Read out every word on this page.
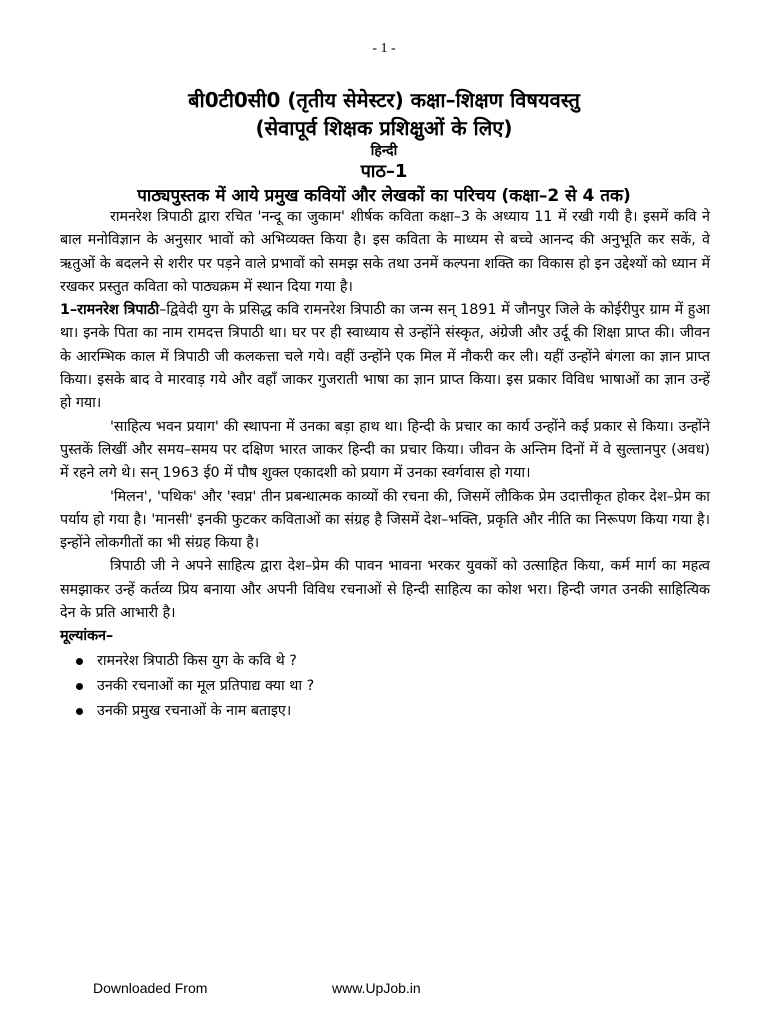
- 1 -
बी0टी0सी0 (तृतीय सेमेस्टर) कक्षा–शिक्षण विषयवस्तु
(सेवापूर्व शिक्षक प्रशिक्षुओं के लिए)
हिन्दी
पाठ–1
पाठ्यपुस्तक में आये प्रमुख कवियों और लेखकों का परिचय (कक्षा–2 से 4 तक)

रामनरेश त्रिपाठी द्वारा रचित 'नन्दू का जुकाम' शीर्षक कविता कक्षा–3 के अध्याय 11 में रखी गयी है। इसमें कवि ने बाल मनोविज्ञान के अनुसार भावों को अभिव्यक्त किया है। इस कविता के माध्यम से बच्चे आनन्द की अनुभूति कर सकें, वे ऋतुओं के बदलने से शरीर पर पड़ने वाले प्रभावों को समझ सके तथा उनमें कल्पना शक्ति का विकास हो इन उद्देश्यों को ध्यान में रखकर प्रस्तुत कविता को पाठ्यक्रम में स्थान दिया गया है।

1–रामनरेश त्रिपाठी–द्विवेदी युग के प्रसिद्ध कवि रामनरेश त्रिपाठी का जन्म सन् 1891 में जौनपुर जिले के कोईरीपुर ग्राम में हुआ था। इनके पिता का नाम रामदत्त त्रिपाठी था। घर पर ही स्वाध्याय से उन्होंने संस्कृत, अंग्रेजी और उर्दू की शिक्षा प्राप्त की। जीवन के आरम्भिक काल में त्रिपाठी जी कलकत्ता चले गये। वहीं उन्होंने एक मिल में नौकरी कर ली। यहीं उन्होंने बंगला का ज्ञान प्राप्त किया। इसके बाद वे मारवाड़ गये और वहाँ जाकर गुजराती भाषा का ज्ञान प्राप्त किया। इस प्रकार विविध भाषाओं का ज्ञान उन्हें हो गया।

'साहित्य भवन प्रयाग' की स्थापना में उनका बड़ा हाथ था। हिन्दी के प्रचार का कार्य उन्होंने कई प्रकार से किया। उन्होंने पुस्तकें लिखीं और समय–समय पर दक्षिण भारत जाकर हिन्दी का प्रचार किया। जीवन के अन्तिम दिनों में वे सुल्तानपुर (अवध) में रहने लगे थे। सन् 1963 ई0 में पौष शुक्ल एकादशी को प्रयाग में उनका स्वर्गवास हो गया।

'मिलन', 'पथिक' और 'स्वप्न' तीन प्रबन्धात्मक काव्यों की रचना की, जिसमें लौकिक प्रेम उदात्तीकृत होकर देश–प्रेम का पर्याय हो गया है। 'मानसी' इनकी फुटकर कविताओं का संग्रह है जिसमें देश–भक्ति, प्रकृति और नीति का निरूपण किया गया है। इन्होंने लोकगीतों का भी संग्रह किया है।

त्रिपाठी जी ने अपने साहित्य द्वारा देश–प्रेम की पावन भावना भरकर युवकों को उत्साहित किया, कर्म मार्ग का महत्व समझाकर उन्हें कर्तव्य प्रिय बनाया और अपनी विविध रचनाओं से हिन्दी साहित्य का कोश भरा। हिन्दी जगत उनकी साहित्यिक देन के प्रति आभारी है।

मूल्यांकन–

रामनरेश त्रिपाठी किस युग के कवि थे ?
उनकी रचनाओं का मूल प्रतिपाद्य क्या था ?
उनकी प्रमुख रचनाओं के नाम बताइए।
Downloaded From	www.UpJob.in
